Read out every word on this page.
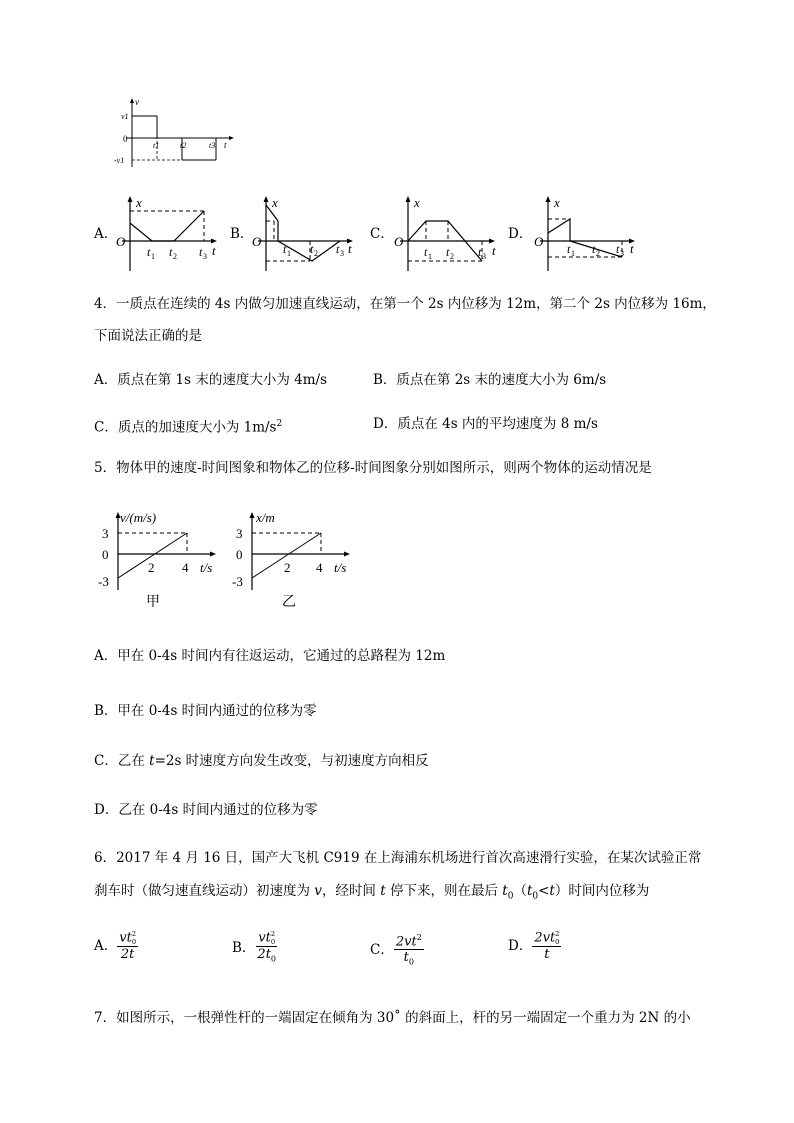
v
v1
0
-v1
t1	t2	t3 t
A．
x
O
t 1 t 2 t 3 t
B．
x
O t 1 t 2 t 3 t
C．
x
O
t 1 t 2 t 3 t
D．
x
O t 1 t 2 t 3 t
4．一质点在连续的 4s 内做匀加速直线运动，在第一个 2s 内位移为 12m，第二个 2s 内位移为 16m，
下面说法正确的是
A．质点在第 1s 末的速度大小为 4m/s	B．质点在第 2s 末的速度大小为 6m/s
C．质点的加速度大小为 $1m/s^2$	D．质点在 4s 内的平均速度为 8 m/s
5．物体甲的速度-时间图象和物体乙的位移-时间图象分别如图所示，则两个物体的运动情况是
v/(m/s)
3
0
-3
2 4 t/s
甲
x/m
3
0
-3
2 4 t/s
乙
A．甲在 0-4s 时间内有往返运动，它通过的总路程为 12m
B．甲在 0-4s 时间内通过的位移为零
C．乙在 t=2s 时速度方向发生改变，与初速度方向相反
D．乙在 0-4s 时间内通过的位移为零
6．2017 年 4 月 16 日，国产大飞机 C919 在上海浦东机场进行首次高速滑行实验，在某次试验正常
刹车时（做匀速直线运动）初速度为 v，经时间 t 停下来，则在最后 $t_0(t_0<t)$时间内位移为
A． vt 2
0
2t	B． vt 2
0
$2t_0$	C． $\frac{2vt^2}{t_0}$	D． 2vt 2
0
t
7．如图所示，一根弹性杆的一端固定在倾角为 30˚ 的斜面上，杆的另一端固定一个重力为 2N 的小
